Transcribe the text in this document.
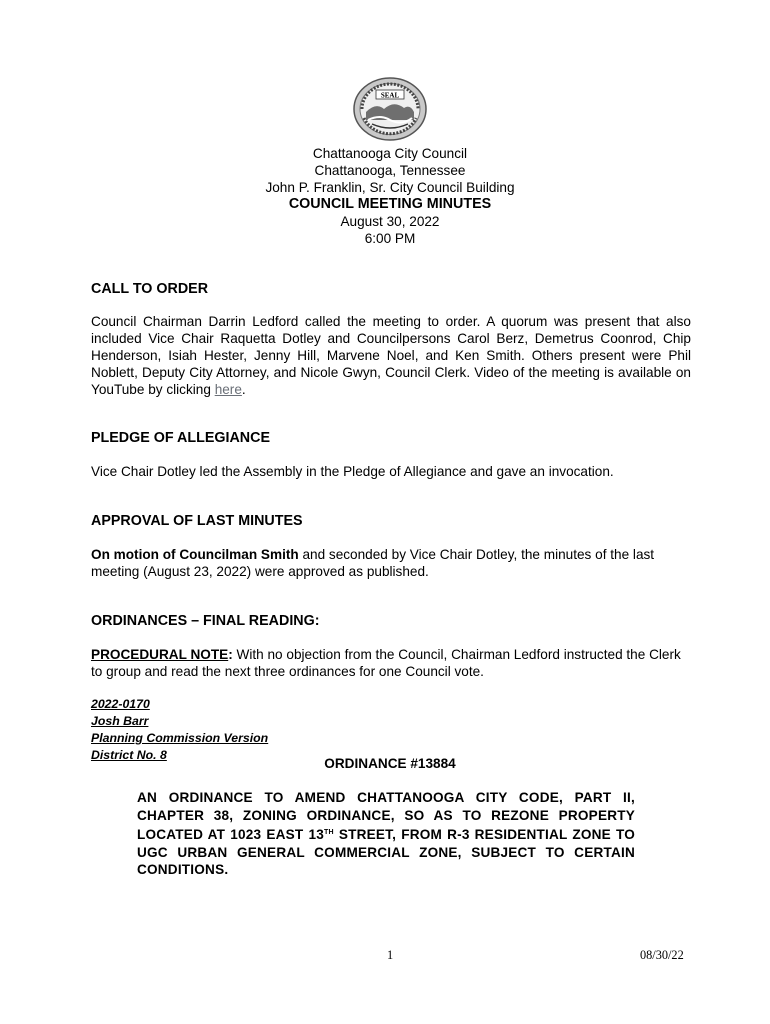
SEAL
Chattanooga City Council
Chattanooga, Tennessee
John P. Franklin, Sr. City Council Building
COUNCIL MEETING MINUTES
August 30, 2022
6:00 PM
CALL TO ORDER
Council Chairman Darrin Ledford called the meeting to order. A quorum was present that also included Vice Chair Raquetta Dotley and Councilpersons Carol Berz, Demetrus Coonrod, Chip Henderson, Isiah Hester, Jenny Hill, Marvene Noel, and Ken Smith. Others present were Phil Noblett, Deputy City Attorney, and Nicole Gwyn, Council Clerk. Video of the meeting is available on YouTube by clicking here.
PLEDGE OF ALLEGIANCE
Vice Chair Dotley led the Assembly in the Pledge of Allegiance and gave an invocation.
APPROVAL OF LAST MINUTES
On motion of Councilman Smith and seconded by Vice Chair Dotley, the minutes of the last meeting (August 23, 2022) were approved as published.
ORDINANCES – FINAL READING:
PROCEDURAL NOTE: With no objection from the Council, Chairman Ledford instructed the Clerk to group and read the next three ordinances for one Council vote.
2022-0170
Josh Barr
Planning Commission Version
District No. 8
ORDINANCE #13884
AN ORDINANCE TO AMEND CHATTANOOGA CITY CODE, PART II, CHAPTER 38, ZONING ORDINANCE, SO AS TO REZONE PROPERTY LOCATED AT 1023 EAST 13TH STREET, FROM R-3 RESIDENTIAL ZONE TO UGC URBAN GENERAL COMMERCIAL ZONE, SUBJECT TO CERTAIN CONDITIONS.
1	08/30/22
